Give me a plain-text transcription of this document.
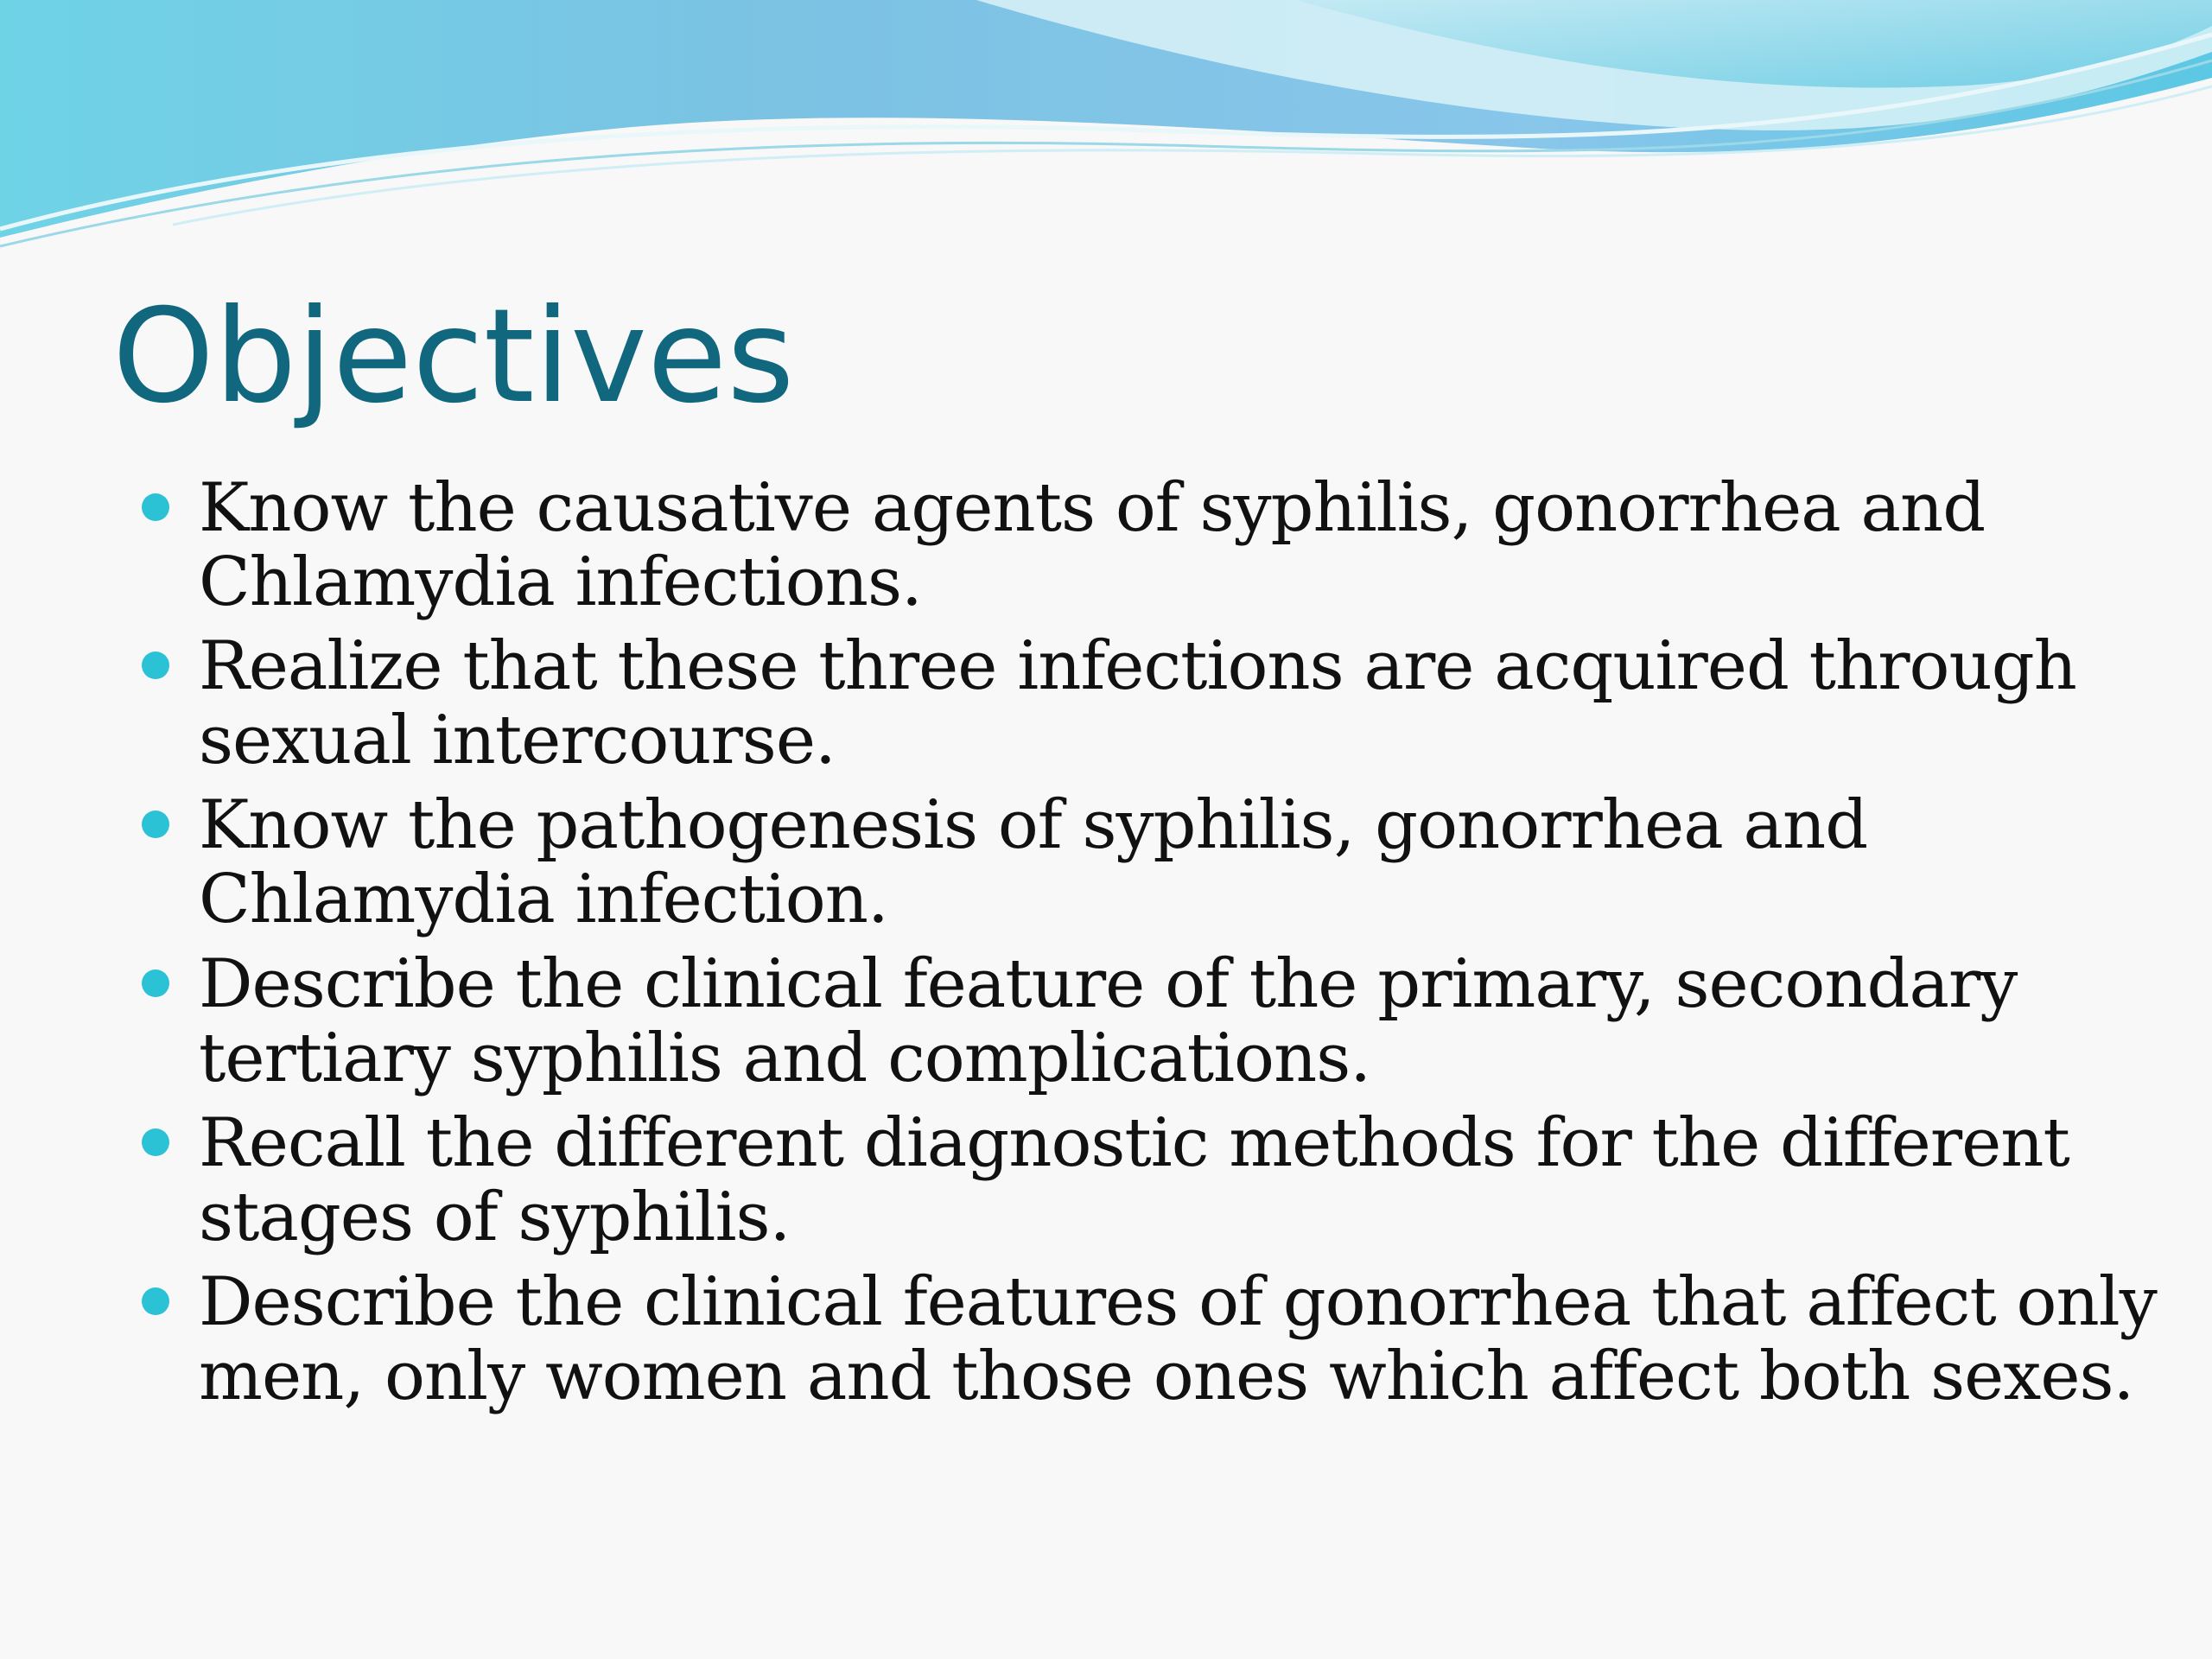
Objectives
Know the causative agents of syphilis, gonorrhea and
Chlamydia infections.
Realize that these three infections are acquired through
sexual intercourse.
Know the pathogenesis of syphilis, gonorrhea and
Chlamydia infection.
Describe the clinical feature of the primary, secondary
tertiary syphilis and complications.
Recall the different diagnostic methods for the different
stages of syphilis.
Describe the clinical features of gonorrhea that affect only
men, only women and those ones which affect both sexes.
